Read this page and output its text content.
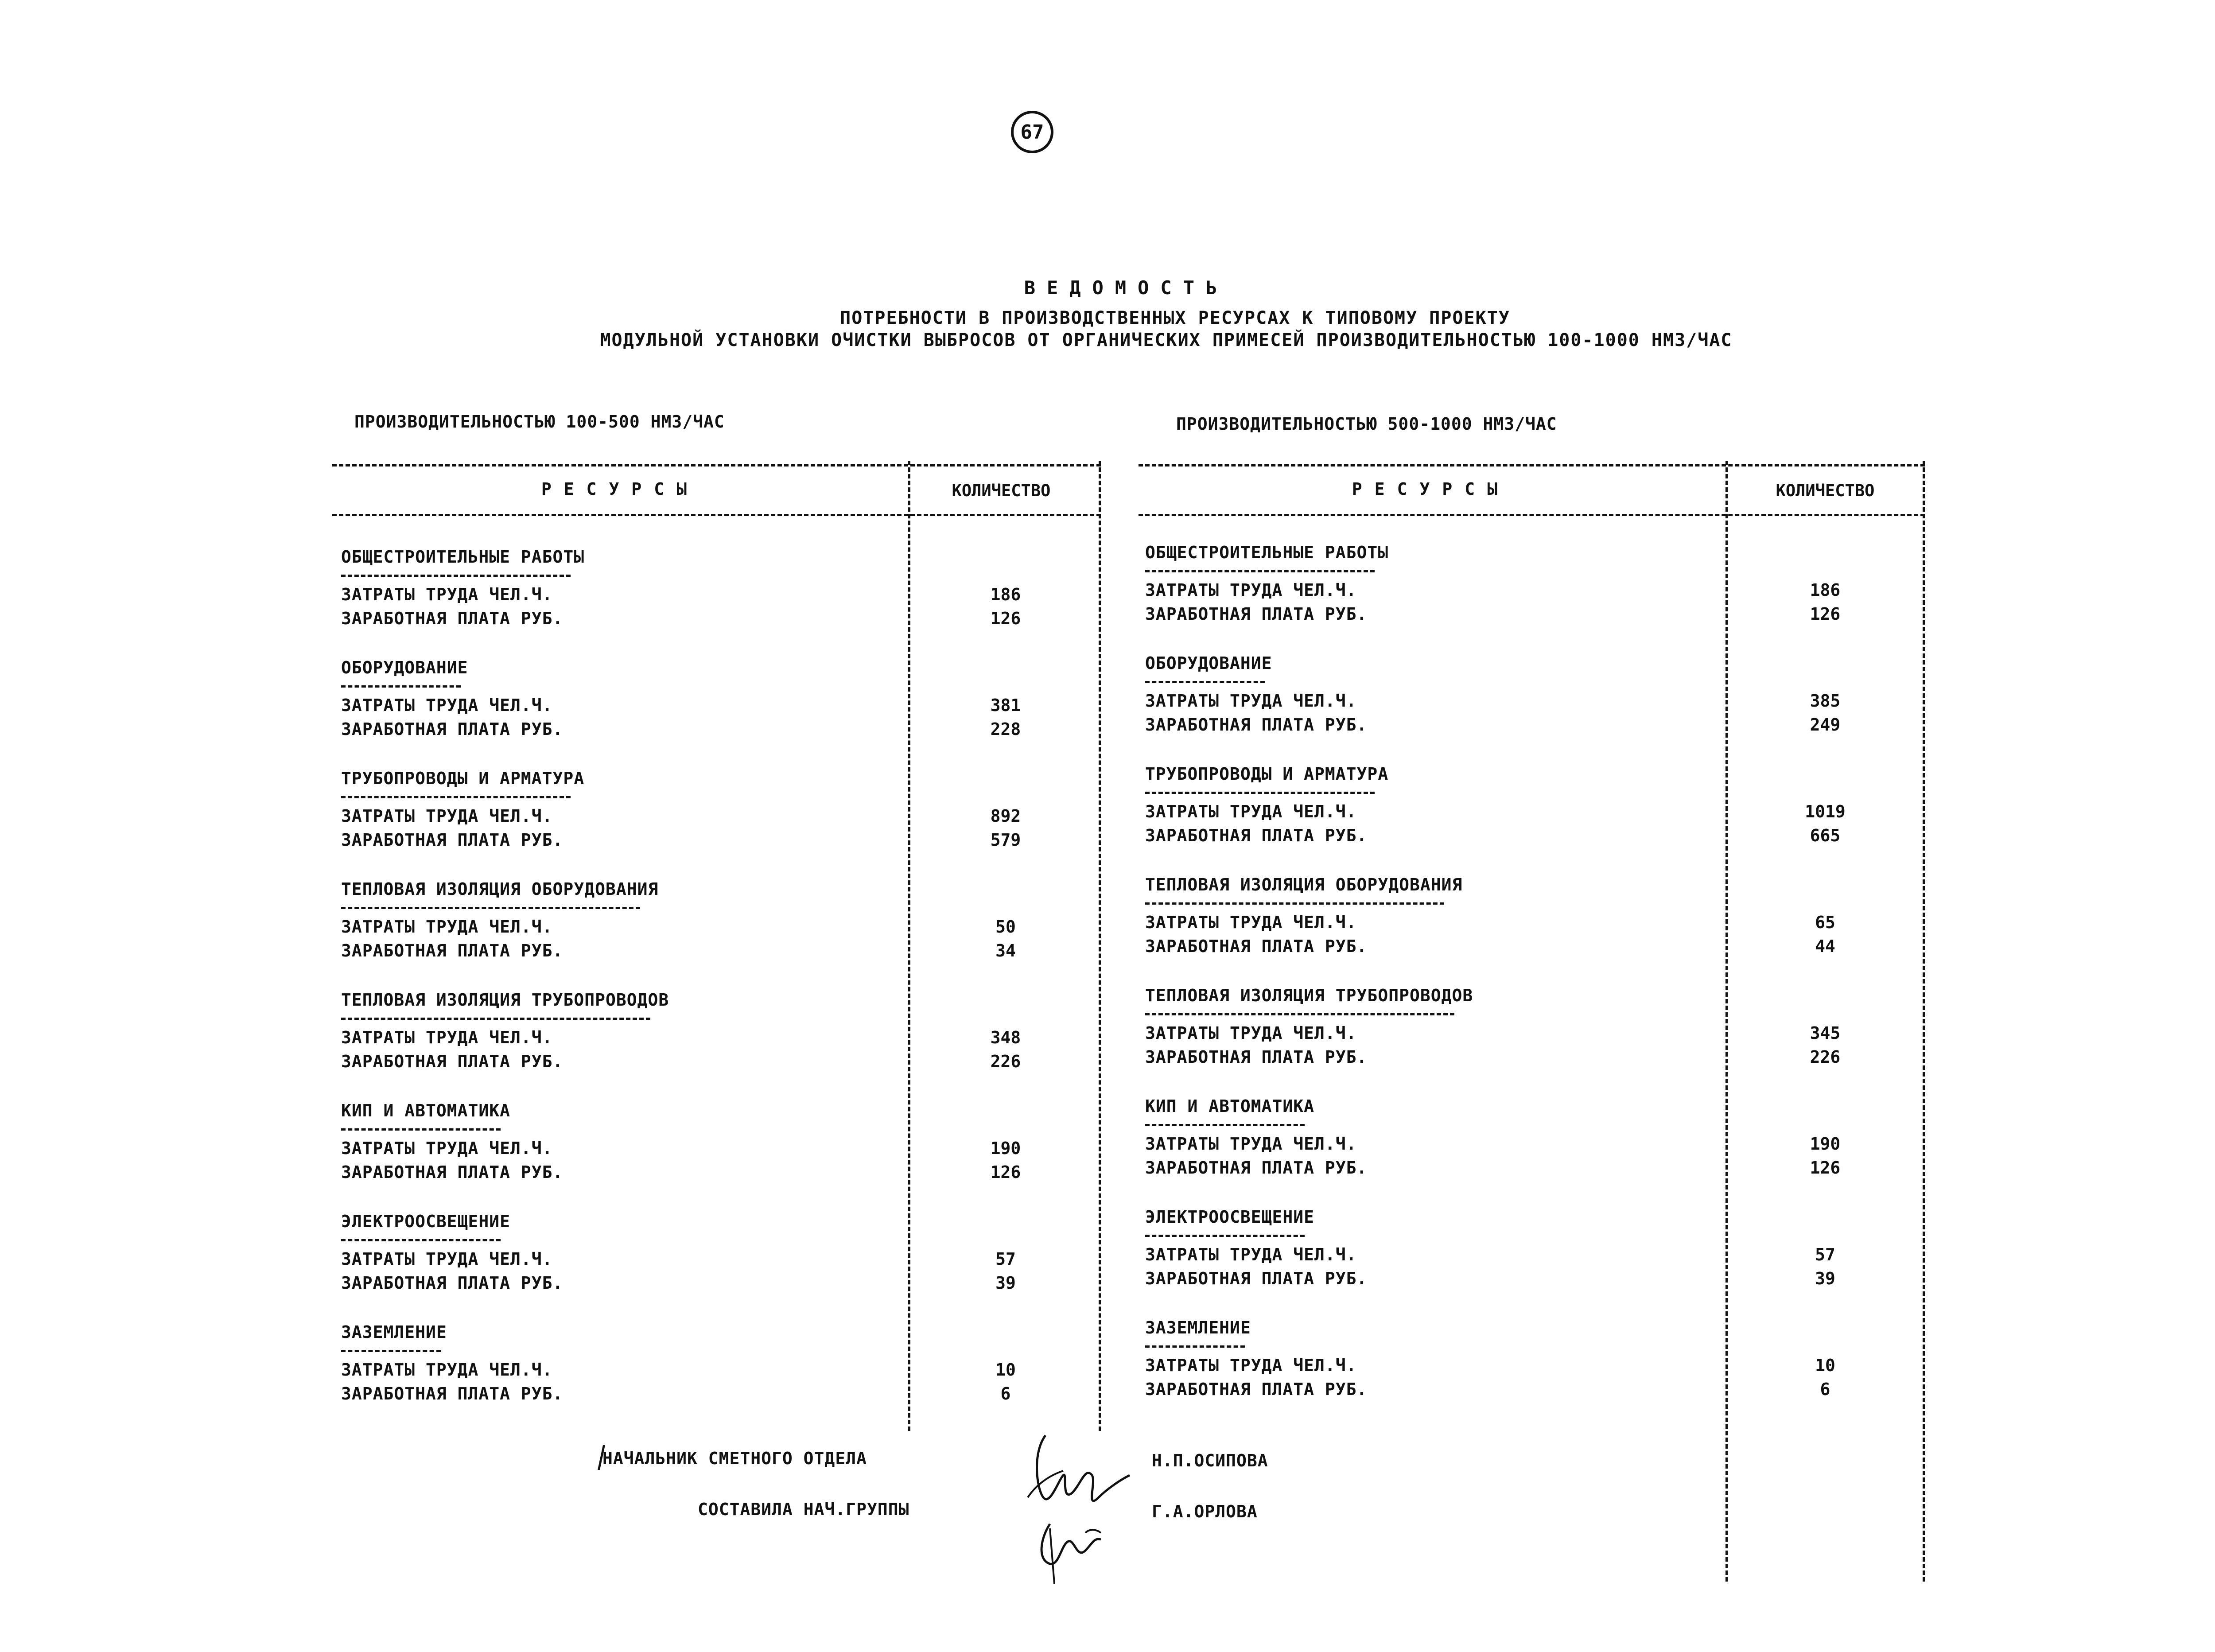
67
ВЕДОМОСТЬ
ПОТРЕБНОСТИ В ПРОИЗВОДСТВЕННЫХ РЕСУРСАХ К ТИПОВОМУ ПРОЕКТУ
МОДУЛЬНОЙ УСТАНОВКИ ОЧИСТКИ ВЫБРОСОВ ОТ ОРГАНИЧЕСКИХ ПРИМЕСЕЙ ПРОИЗВОДИТЕЛЬНОСТЬЮ 100-1000 НМ3/ЧАС
ПРОИЗВОДИТЕЛЬНОСТЬЮ 100-500 НМ3/ЧАС
РЕСУРСЫ	КОЛИЧЕСТВО
ОБЩЕСТРОИТЕЛЬНЫЕ РАБОТЫ
ЗАТРАТЫ ТРУДА ЧЕЛ.Ч.	186
ЗАРАБОТНАЯ ПЛАТА РУБ.	126
ОБОРУДОВАНИЕ
ЗАТРАТЫ ТРУДА ЧЕЛ.Ч.	381
ЗАРАБОТНАЯ ПЛАТА РУБ.	228
ТРУБОПРОВОДЫ И АРМАТУРА
ЗАТРАТЫ ТРУДА ЧЕЛ.Ч.	892
ЗАРАБОТНАЯ ПЛАТА РУБ.	579
ТЕПЛОВАЯ ИЗОЛЯЦИЯ ОБОРУДОВАНИЯ
ЗАТРАТЫ ТРУДА ЧЕЛ.Ч.	50
ЗАРАБОТНАЯ ПЛАТА РУБ.	34
ТЕПЛОВАЯ ИЗОЛЯЦИЯ ТРУБОПРОВОДОВ
ЗАТРАТЫ ТРУДА ЧЕЛ.Ч.	348
ЗАРАБОТНАЯ ПЛАТА РУБ.	226
КИП И АВТОМАТИКА
ЗАТРАТЫ ТРУДА ЧЕЛ.Ч.	190
ЗАРАБОТНАЯ ПЛАТА РУБ.	126
ЭЛЕКТРООСВЕЩЕНИЕ
ЗАТРАТЫ ТРУДА ЧЕЛ.Ч.	57
ЗАРАБОТНАЯ ПЛАТА РУБ.	39
ЗАЗЕМЛЕНИЕ
ЗАТРАТЫ ТРУДА ЧЕЛ.Ч.	10
ЗАРАБОТНАЯ ПЛАТА РУБ.	6
ПРОИЗВОДИТЕЛЬНОСТЬЮ 500-1000 НМ3/ЧАС
РЕСУРСЫ	КОЛИЧЕСТВО
ОБЩЕСТРОИТЕЛЬНЫЕ РАБОТЫ
ЗАТРАТЫ ТРУДА ЧЕЛ.Ч.	186
ЗАРАБОТНАЯ ПЛАТА РУБ.	126
ОБОРУДОВАНИЕ
ЗАТРАТЫ ТРУДА ЧЕЛ.Ч.	385
ЗАРАБОТНАЯ ПЛАТА РУБ.	249
ТРУБОПРОВОДЫ И АРМАТУРА
ЗАТРАТЫ ТРУДА ЧЕЛ.Ч.	1019
ЗАРАБОТНАЯ ПЛАТА РУБ.	665
ТЕПЛОВАЯ ИЗОЛЯЦИЯ ОБОРУДОВАНИЯ
ЗАТРАТЫ ТРУДА ЧЕЛ.Ч.	65
ЗАРАБОТНАЯ ПЛАТА РУБ.	44
ТЕПЛОВАЯ ИЗОЛЯЦИЯ ТРУБОПРОВОДОВ
ЗАТРАТЫ ТРУДА ЧЕЛ.Ч.	345
ЗАРАБОТНАЯ ПЛАТА РУБ.	226
КИП И АВТОМАТИКА
ЗАТРАТЫ ТРУДА ЧЕЛ.Ч.	190
ЗАРАБОТНАЯ ПЛАТА РУБ.	126
ЭЛЕКТРООСВЕЩЕНИЕ
ЗАТРАТЫ ТРУДА ЧЕЛ.Ч.	57
ЗАРАБОТНАЯ ПЛАТА РУБ.	39
ЗАЗЕМЛЕНИЕ
ЗАТРАТЫ ТРУДА ЧЕЛ.Ч.	10
ЗАРАБОТНАЯ ПЛАТА РУБ.	6
НАЧАЛЬНИК СМЕТНОГО ОТДЕЛА	Н.П.ОСИПОВА
СОСТАВИЛА НАЧ.ГРУППЫ	Г.А.ОРЛОВА
